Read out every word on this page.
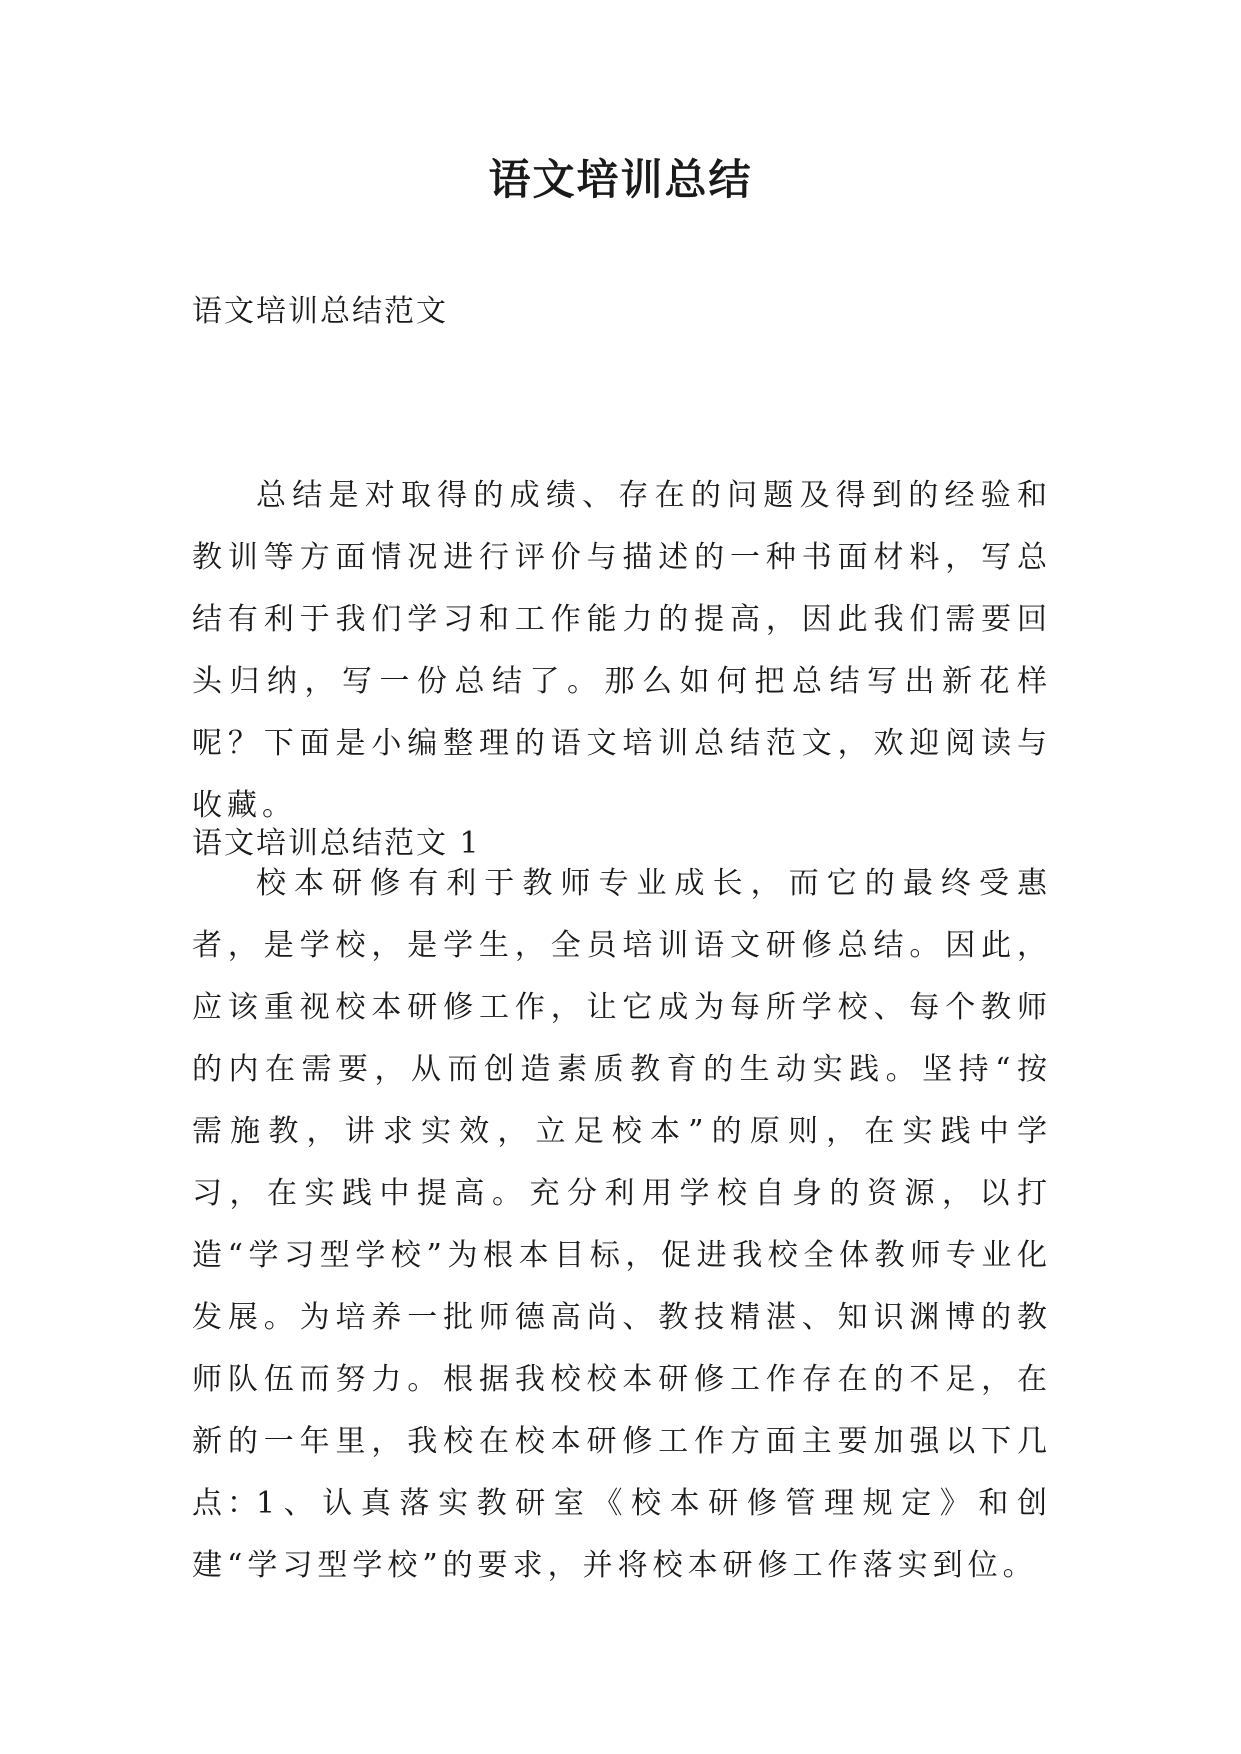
语文培训总结
语文培训总结范文

总结是对取得的成绩、存在的问题及得到的经验和教训等方面情况进行评价与描述的一种书面材料，写总结有利于我们学习和工作能力的提高，因此我们需要回头归纳，写一份总结了。那么如何把总结写出新花样呢？下面是小编整理的语文培训总结范文，欢迎阅读与收藏。

语文培训总结范文 1

校本研修有利于教师专业成长，而它的最终受惠者，是学校，是学生，全员培训语文研修总结。因此，应该重视校本研修工作，让它成为每所学校、每个教师的内在需要，从而创造素质教育的生动实践。坚持“按需施教，讲求实效，立足校本”的原则，在实践中学习，在实践中提高。充分利用学校自身的资源，以打造“学习型学校”为根本目标，促进我校全体教师专业化发展。为培养一批师德高尚、教技精湛、知识渊博的教师队伍而努力。根据我校校本研修工作存在的不足，在新的一年里，我校在校本研修工作方面主要加强以下几点：

1、认真落实教研室《校本研修管理规定》和创建“学习型学校”的要求，并将校本研修工作落实到位。
